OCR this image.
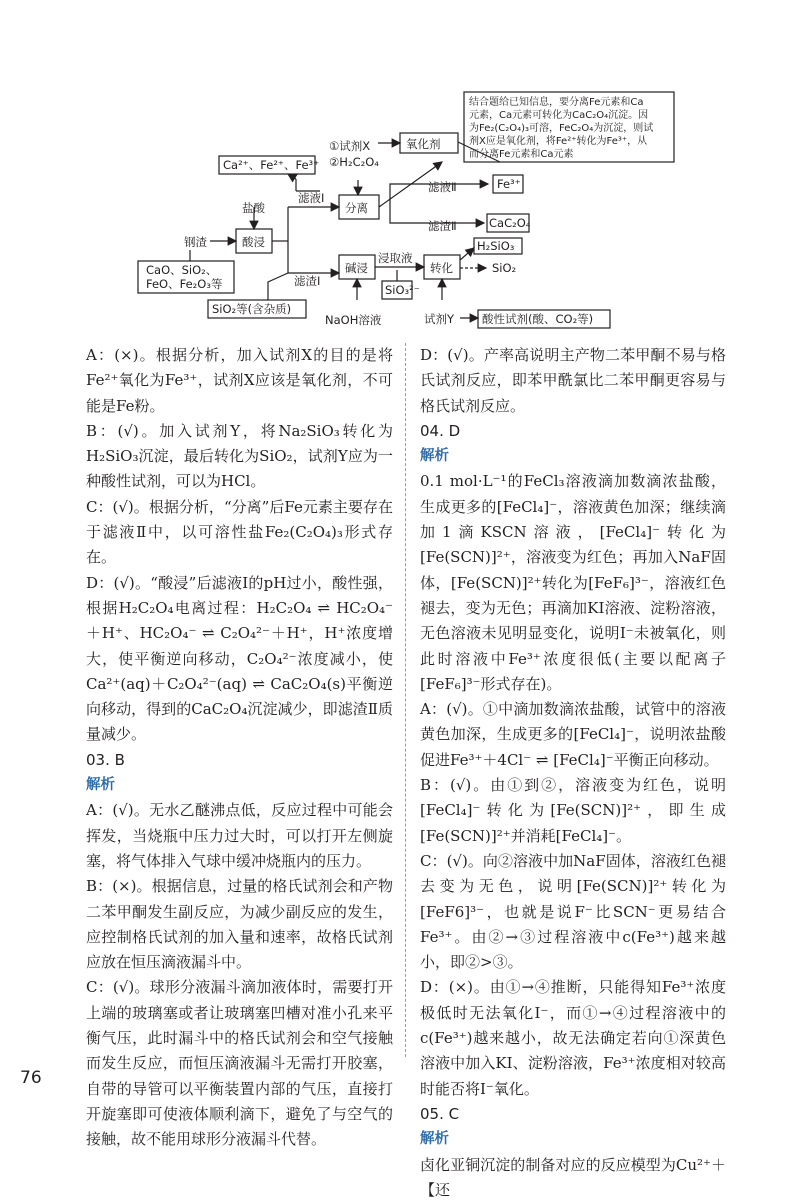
结合题给已知信息，要分离Fe元素和Ca
元素，Ca元素可转化为CaC₂O₄沉淀。因
为Fe₂(C₂O₄)₃可溶，FeC₂O₄为沉淀，则试
剂X应是氧化剂，将Fe²⁺转化为Fe³⁺，从
而分离Fe元素和Ca元素
Ca²⁺、Fe²⁺、Fe³⁺
①试剂X
②H₂C₂O₄
氧化剂
滤液Ⅰ
盐酸	分离
滤液Ⅱ	Fe³⁺
滤渣Ⅱ	CaC₂O₄
钢渣	酸浸
CaO、SiO₂、
FeO、Fe₂O₃等	滤渣Ⅰ
浸取液
碱浸	转化
H₂SiO₃
SiO₂
SiO₃²⁻
SiO₂等(含杂质)
NaOH溶液	试剂Y 酸性试剂(酸、CO₂等)

A：(×)。根据分析，加入试剂X的目的是将Fe²⁺氧化为Fe³⁺，试剂X应该是氧化剂，不可能是Fe粉。

B：(√)。加入试剂Y，将Na₂SiO₃转化为H₂SiO₃沉淀，最后转化为SiO₂，试剂Y应为一种酸性试剂，可以为HCl。

C：(√)。根据分析，“分离”后Fe元素主要存在于滤液Ⅱ中，以可溶性盐Fe₂(C₂O₄)₃形式存在。

D：(√)。“酸浸”后滤液Ⅰ的pH过小，酸性强，根据H₂C₂O₄电离过程：H₂C₂O₄ ⇌ HC₂O₄⁻＋H⁺、HC₂O₄⁻ ⇌ C₂O₄²⁻＋H⁺，H⁺浓度增大，使平衡逆向移动，C₂O₄²⁻浓度减小，使Ca²⁺(aq)＋C₂O₄²⁻(aq) ⇌ CaC₂O₄(s)平衡逆向移动，得到的CaC₂O₄沉淀减少，即滤渣Ⅱ质量减少。

03. B
解析

A：(√)。无水乙醚沸点低，反应过程中可能会挥发，当烧瓶中压力过大时，可以打开左侧旋塞，将气体排入气球中缓冲烧瓶内的压力。

B：(×)。根据信息，过量的格氏试剂会和产物二苯甲酮发生副反应，为减少副反应的发生，应控制格氏试剂的加入量和速率，故格氏试剂应放在恒压滴液漏斗中。

C：(√)。球形分液漏斗滴加液体时，需要打开上端的玻璃塞或者让玻璃塞凹槽对准小孔来平衡气压，此时漏斗中的格氏试剂会和空气接触而发生反应，而恒压滴液漏斗无需打开胶塞，自带的导管可以平衡装置内部的气压，直接打开旋塞即可使液体顺利滴下，避免了与空气的接触，故不能用球形分液漏斗代替。

D：(√)。产率高说明主产物二苯甲酮不易与格氏试剂反应，即苯甲酰氯比二苯甲酮更容易与格氏试剂反应。

04. D
解析

0.1 mol·L⁻¹的FeCl₃溶液滴加数滴浓盐酸，生成更多的[FeCl₄]⁻，溶液黄色加深；继续滴加1滴KSCN溶液，[FeCl₄]⁻转化为[Fe(SCN)]²⁺，溶液变为红色；再加入NaF固体，[Fe(SCN)]²⁺转化为[FeF₆]³⁻，溶液红色褪去，变为无色；再滴加KI溶液、淀粉溶液，无色溶液未见明显变化，说明I⁻未被氧化，则此时溶液中Fe³⁺浓度很低(主要以配离子[FeF₆]³⁻形式存在)。

A：(√)。①中滴加数滴浓盐酸，试管中的溶液黄色加深，生成更多的[FeCl₄]⁻，说明浓盐酸促进Fe³⁺＋4Cl⁻ ⇌ [FeCl₄]⁻平衡正向移动。

B：(√)。由①到②，溶液变为红色，说明[FeCl₄]⁻转化为[Fe(SCN)]²⁺，即生成[Fe(SCN)]²⁺并消耗[FeCl₄]⁻。

C：(√)。向②溶液中加NaF固体，溶液红色褪去变为无色，说明[Fe(SCN)]²⁺转化为[FeF6]³⁻，也就是说F⁻比SCN⁻更易结合Fe³⁺。由②→③过程溶液中c(Fe³⁺)越来越小，即②>③。

D：(×)。由①→④推断，只能得知Fe³⁺浓度极低时无法氧化I⁻，而①→④过程溶液中的c(Fe³⁺)越来越小，故无法确定若向①深黄色溶液中加入KI、淀粉溶液，Fe³⁺浓度相对较高时能否将I⁻氧化。

05. C
解析

卤化亚铜沉淀的制备对应的反应模型为Cu²⁺＋【还

76
